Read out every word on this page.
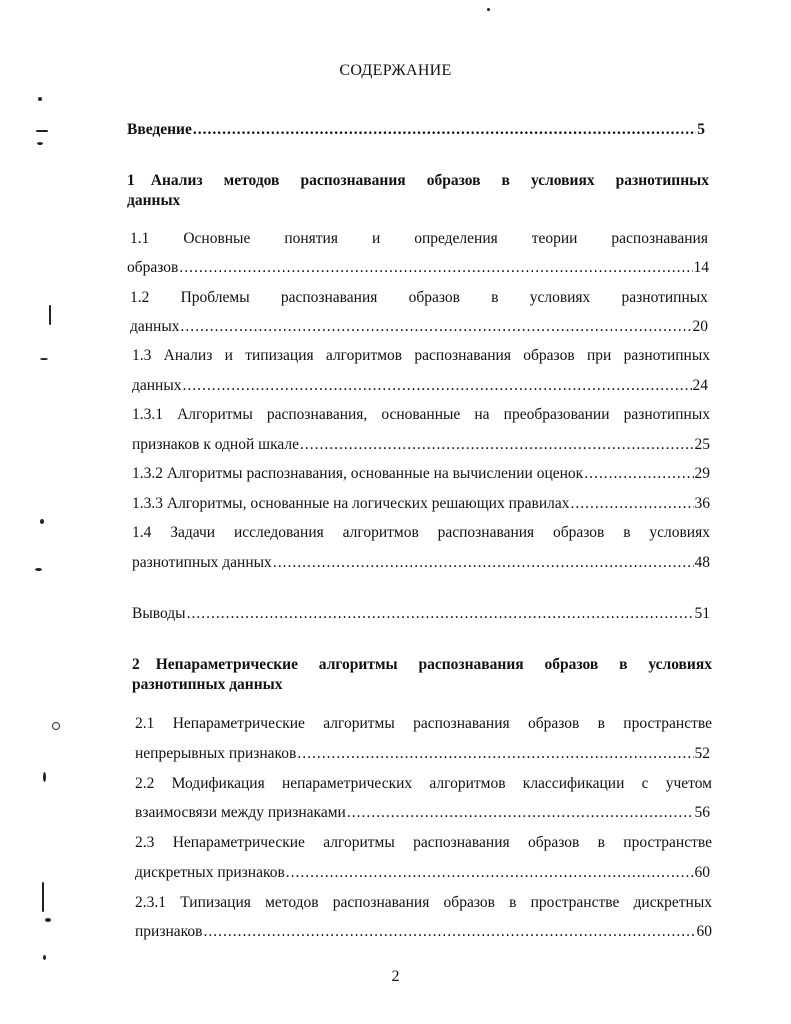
СОДЕРЖАНИЕ
Введение .....	5
1 Анализ методов распознавания образов в условиях разнотипных
данных
1.1 Основные понятия и определения теории распознавания
образов .....	14
1.2 Проблемы распознавания образов в условиях разнотипных
данных .....	20
1.3 Анализ и типизация алгоритмов распознавания образов при разнотипных
данных .....	24
1.3.1 Алгоритмы распознавания, основанные на преобразовании разнотипных
признаков к одной шкале .....	25
1.3.2 Алгоритмы распознавания, основанные на вычислении оценок .....	29
1.3.3 Алгоритмы, основанные на логических решающих правилах .....	36
1.4 Задачи исследования алгоритмов распознавания образов в условиях
разнотипных данных .....	48
Выводы .....	51
2 Непараметрические алгоритмы распознавания образов в условиях
разнотипных данных
2.1 Непараметрические алгоритмы распознавания образов в пространстве
непрерывных признаков .....	52
2.2 Модификация непараметрических алгоритмов классификации с учетом
взаимосвязи между признаками .....	56
2.3 Непараметрические алгоритмы распознавания образов в пространстве
дискретных признаков .....	60
2.3.1 Типизация методов распознавания образов в пространстве дискретных
признаков .....	60
2
